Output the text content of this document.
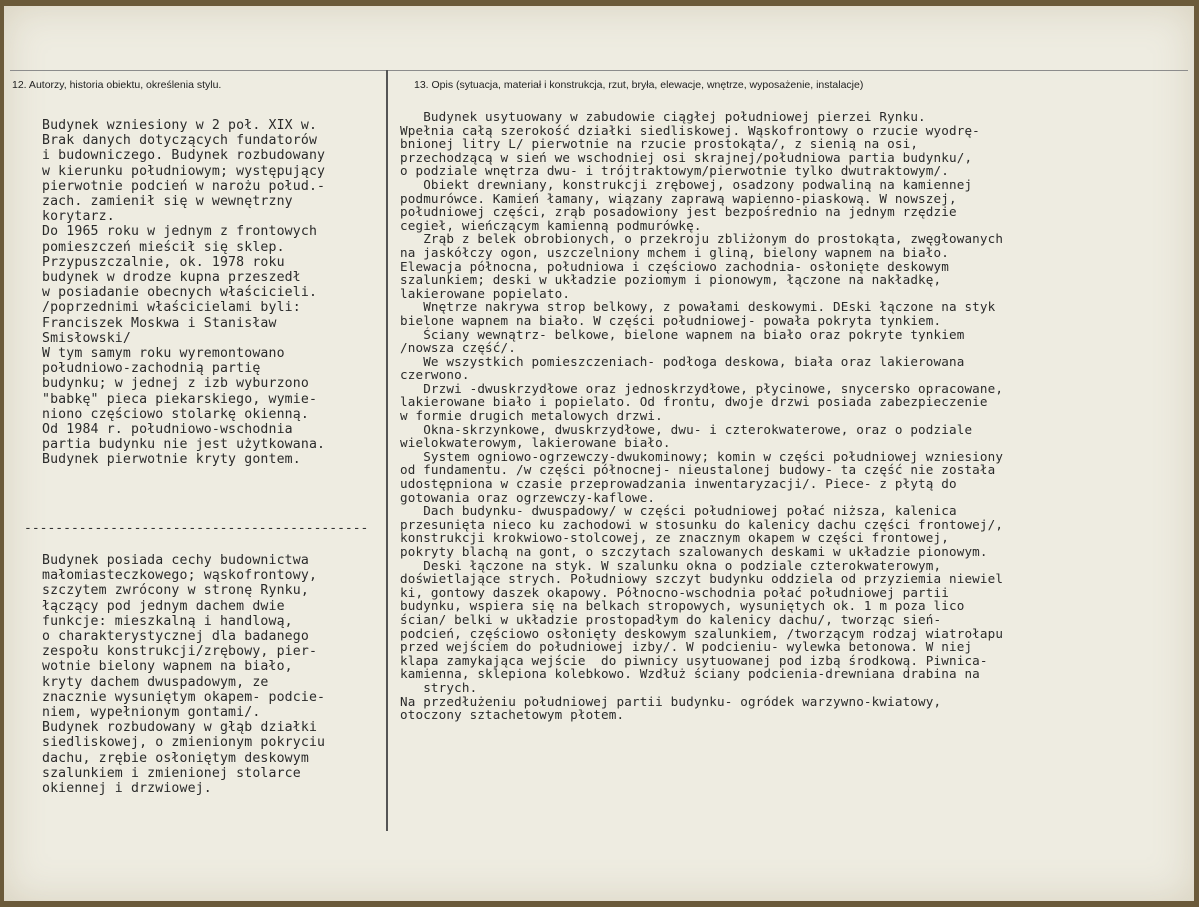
12. Autorzy, historia obiektu, określenia stylu.	13. Opis (sytuacja, materiał i konstrukcja, rzut, bryła, elewacje, wnętrze, wyposażenie, instalacje)
Budynek wzniesiony w 2 poł. XIX w.
Brak danych dotyczących fundatorów
i budowniczego. Budynek rozbudowany
w kierunku południowym; występujący
pierwotnie podcień w narożu połud.-
zach. zamienił się w wewnętrzny
korytarz.
Do 1965 roku w jednym z frontowych
pomieszczeń mieścił się sklep.
Przypuszczalnie, ok. 1978 roku
budynek w drodze kupna przeszedł
w posiadanie obecnych właścicieli.
/poprzednimi właścicielami byli:
Franciszek Moskwa i Stanisław
Smisłowski/
W tym samym roku wyremontowano
południowo-zachodnią partię
budynku; w jednej z izb wyburzono
"babkę" pieca piekarskiego, wymie-
niono częściowo stolarkę okienną.
Od 1984 r. południowo-wschodnia
partia budynku nie jest użytkowana.
Budynek pierwotnie kryty gontem.
--------------------------------------------
Budynek posiada cechy budownictwa
małomiasteczkowego; wąskofrontowy,
szczytem zwrócony w stronę Rynku,
łączący pod jednym dachem dwie
funkcje: mieszkalną i handlową,
o charakterystycznej dla badanego
zespołu konstrukcji/zrębowy, pier-
wotnie bielony wapnem na biało,
kryty dachem dwuspadowym, ze
znacznie wysuniętym okapem- podcie-
niem, wypełnionym gontami/.
Budynek rozbudowany w głąb działki
siedliskowej, o zmienionym pokryciu
dachu, zrębie osłoniętym deskowym
szalunkiem i zmienionej stolarce
okiennej i drzwiowej.
Budynek usytuowany w zabudowie ciągłej południowej pierzei Rynku.
Wpełnia całą szerokość działki siedliskowej. Wąskofrontowy o rzucie wyodrę-
bnionej litry L/ pierwotnie na rzucie prostokąta/, z sienią na osi,
przechodzącą w sień we wschodniej osi skrajnej/południowa partia budynku/,
o podziale wnętrza dwu- i trójtraktowym/pierwotnie tylko dwutraktowym/.
Obiekt drewniany, konstrukcji zrębowej, osadzony podwaliną na kamiennej
podmurówce. Kamień łamany, wiązany zaprawą wapienno-piaskową. W nowszej,
południowej części, zrąb posadowiony jest bezpośrednio na jednym rzędzie
cegieł, wieńczącym kamienną podmurówkę.
Zrąb z belek obrobionych, o przekroju zbliżonym do prostokąta, zwęgłowanych
na jaskółczy ogon, uszczelniony mchem i gliną, bielony wapnem na biało.
Elewacja północna, południowa i częściowo zachodnia- osłonięte deskowym
szalunkiem; deski w układzie poziomym i pionowym, łączone na nakładkę,
lakierowane popielato.
Wnętrze nakrywa strop belkowy, z powałami deskowymi. DEski łączone na styk
bielone wapnem na biało. W części południowej- powała pokryta tynkiem.
Ściany wewnątrz- belkowe, bielone wapnem na biało oraz pokryte tynkiem
/nowsza część/.
We wszystkich pomieszczeniach- podłoga deskowa, biała oraz lakierowana
czerwono.
Drzwi -dwuskrzydłowe oraz jednoskrzydłowe, płycinowe, snycersko opracowane,
lakierowane biało i popielato. Od frontu, dwoje drzwi posiada zabezpieczenie
w formie drugich metalowych drzwi.
Okna-skrzynkowe, dwuskrzydłowe, dwu- i czterokwaterowe, oraz o podziale
wielokwaterowym, lakierowane biało.
System ogniowo-ogrzewczy-dwukominowy; komin w części południowej wzniesiony
od fundamentu. /w części północnej- nieustalonej budowy- ta część nie została
udostępniona w czasie przeprowadzania inwentaryzacji/. Piece- z płytą do
gotowania oraz ogrzewczy-kaflowe.
Dach budynku- dwuspadowy/ w części południowej połać niższa, kalenica
przesunięta nieco ku zachodowi w stosunku do kalenicy dachu części frontowej/,
konstrukcji krokwiowo-stolcowej, ze znacznym okapem w części frontowej,
pokryty blachą na gont, o szczytach szalowanych deskami w układzie pionowym.
Deski łączone na styk. W szalunku okna o podziale czterokwaterowym,
doświetlające strych. Południowy szczyt budynku oddziela od przyziemia niewiel
ki, gontowy daszek okapowy. Północno-wschodnia połać południowej partii
budynku, wspiera się na belkach stropowych, wysuniętych ok. 1 m poza lico
ścian/ belki w układzie prostopadłym do kalenicy dachu/, tworząc sień-
podcień, częściowo osłonięty deskowym szalunkiem, /tworzącym rodzaj wiatrołapu
przed wejściem do południowej izby/. W podcieniu- wylewka betonowa. W niej
klapa zamykająca wejście  do piwnicy usytuowanej pod izbą środkową. Piwnica-
kamienna, sklepiona kolebkowo. Wzdłuż ściany podcienia-drewniana drabina na
strych.
Na przedłużeniu południowej partii budynku- ogródek warzywno-kwiatowy,
otoczony sztachetowym płotem.
